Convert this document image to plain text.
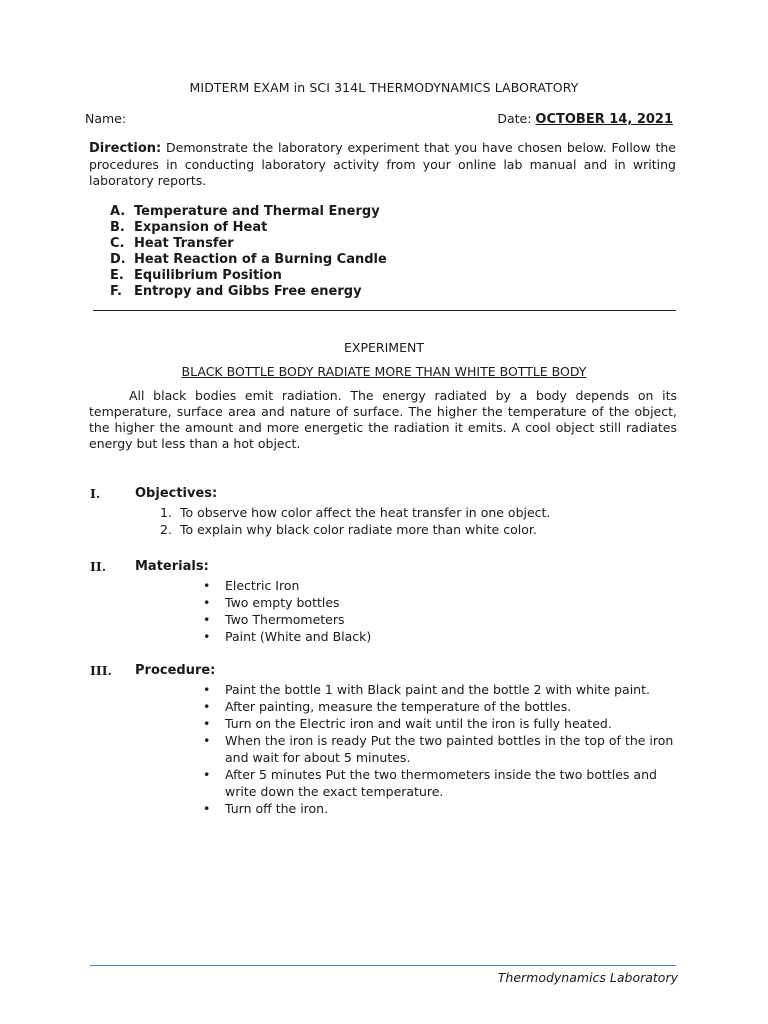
MIDTERM EXAM in SCI 314L THERMODYNAMICS LABORATORY
Name:	Date: OCTOBER 14, 2021
Direction: Demonstrate the laboratory experiment that you have chosen below. Follow the procedures in conducting laboratory activity from your online lab manual and in writing laboratory reports.
A. Temperature and Thermal Energy
B. Expansion of Heat
C. Heat Transfer
D. Heat Reaction of a Burning Candle
E. Equilibrium Position
F. Entropy and Gibbs Free energy
EXPERIMENT
BLACK BOTTLE BODY RADIATE MORE THAN WHITE BOTTLE BODY
All black bodies emit radiation. The energy radiated by a body depends on its temperature, surface area and nature of surface. The higher the temperature of the object, the higher the amount and more energetic the radiation it emits. A cool object still radiates energy but less than a hot object.
I.	Objectives:
1. To observe how color affect the heat transfer in one object.
2. To explain why black color radiate more than white color.
II. Materials:
• Electric Iron
• Two empty bottles
• Two Thermometers
• Paint (White and Black)
III. Procedure:
• Paint the bottle 1 with Black paint and the bottle 2 with white paint.
• After painting, measure the temperature of the bottles.
• Turn on the Electric iron and wait until the iron is fully heated.
• When the iron is ready Put the two painted bottles in the top of the iron and wait for about 5 minutes.
• After 5 minutes Put the two thermometers inside the two bottles and write down the exact temperature.
• Turn off the iron.
Thermodynamics Laboratory
